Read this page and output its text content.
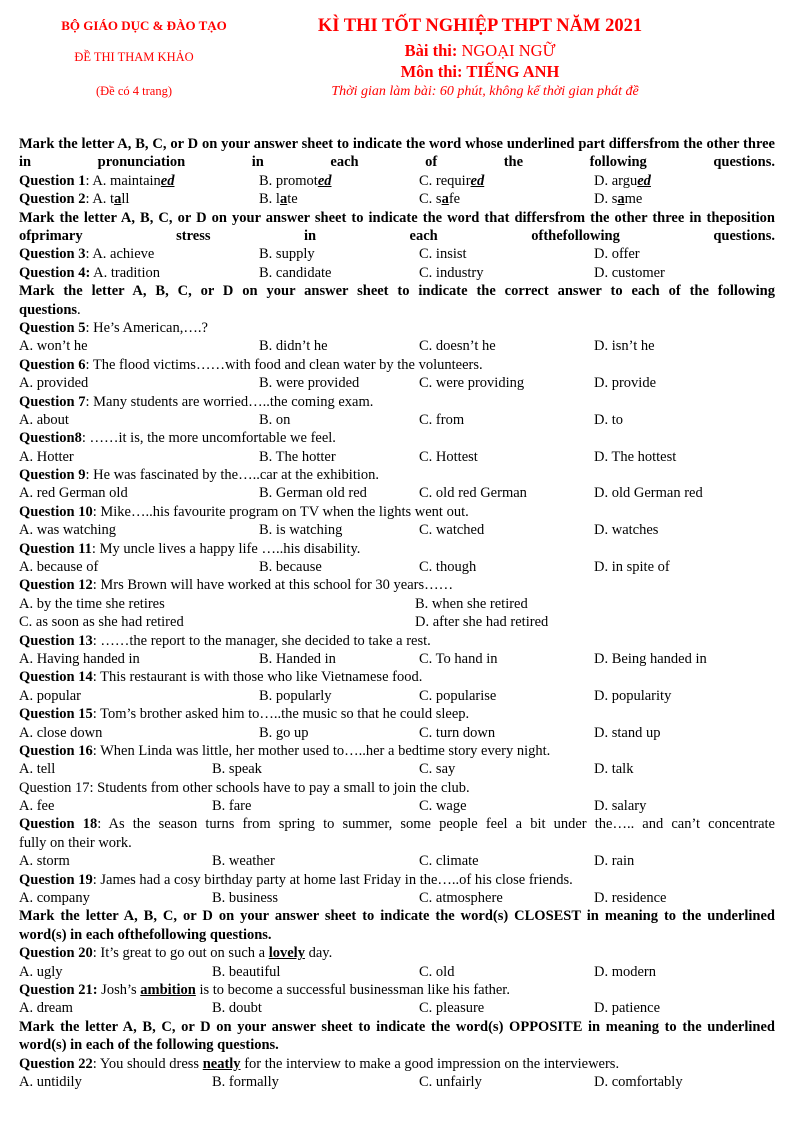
BỘ GIÁO DỤC & ĐÀO TẠO

ĐỀ THI THAM KHẢO

(Đề có 4 trang)

KÌ THI TỐT NGHIỆP THPT NĂM 2021

Bài thi: NGOẠI NGỮ

Môn thi: TIẾNG ANH

Thời gian làm bài: 60 phút, không kể thời gian phát đề

Mark the letter A, B, C, or D on your answer sheet to indicate the word whose underlined part differsfrom the other three in pronunciation in each of the following questions.
Question 1: A. maintained	B. promoted	C. required	D. argued
Question 2: A. tall	B. late	C. safe	D. same
Mark the letter A, B, C, or D on your answer sheet to indicate the word that differsfrom the other three in theposition ofprimary stress in each ofthefollowing questions.
Question 3: A. achieve	B. supply	C. insist	D. offer
Question 4: A. tradition	B. candidate	C. industry	D. customer
Mark the letter A, B, C, or D on your answer sheet to indicate the correct answer to each of the following
questions.
Question 5: He’s American,….?
A. won’t he	B. didn’t he	C. doesn’t he	D. isn’t he
Question 6: The flood victims……with food and clean water by the volunteers.
A. provided	B. were provided	C. were providing	D. provide
Question 7: Many students are worried…..the coming exam.
A. about	B. on	C. from	D. to
Question8: ……it is, the more uncomfortable we feel.
A. Hotter	B. The hotter	C. Hottest	D. The hottest
Question 9: He was fascinated by the…..car at the exhibition.
A. red German old	B. German old red	C. old red German	D. old German red
Question 10: Mike…..his favourite program on TV when the lights went out.
A. was watching	B. is watching	C. watched	D. watches
Question 11: My uncle lives a happy life …..his disability.
A. because of	B. because	C. though	D. in spite of
Question 12: Mrs Brown will have worked at this school for 30 years……
A. by the time she retires	B. when she retired
C. as soon as she had retired	D. after she had retired
Question 13: ……the report to the manager, she decided to take a rest.
A. Having handed in	B. Handed in	C. To hand in	D. Being handed in
Question 14: This restaurant is with those who like Vietnamese food.
A. popular	B. popularly	C. popularise	D. popularity
Question 15: Tom’s brother asked him to…..the music so that he could sleep.
A. close down	B. go up	C. turn down	D. stand up
Question 16: When Linda was little, her mother used to…..her a bedtime story every night.
A. tell	B. speak	C. say	D. talk
Question 17: Students from other schools have to pay a small to join the club.
A. fee	B. fare	C. wage	D. salary
Question 18: As the season turns from spring to summer, some people feel a bit under the….. and can’t concentrate
fully on their work.
A. storm	B. weather	C. climate	D. rain
Question 19: James had a cosy birthday party at home last Friday in the…..of his close friends.
A. company	B. business	C. atmosphere	D. residence
Mark the letter A, B, C, or D on your answer sheet to indicate the word(s) CLOSEST in meaning to the underlined word(s) in each ofthefollowing questions.
Question 20: It’s great to go out on such a lovely day.
A. ugly	B. beautiful	C. old	D. modern
Question 21: Josh’s ambition is to become a successful businessman like his father.
A. dream	B. doubt	C. pleasure	D. patience
Mark the letter A, B, C, or D on your answer sheet to indicate the word(s) OPPOSITE in meaning to the underlined word(s) in each of the following questions.
Question 22: You should dress neatly for the interview to make a good impression on the interviewers.
A. untidily	B. formally	C. unfairly	D. comfortably
